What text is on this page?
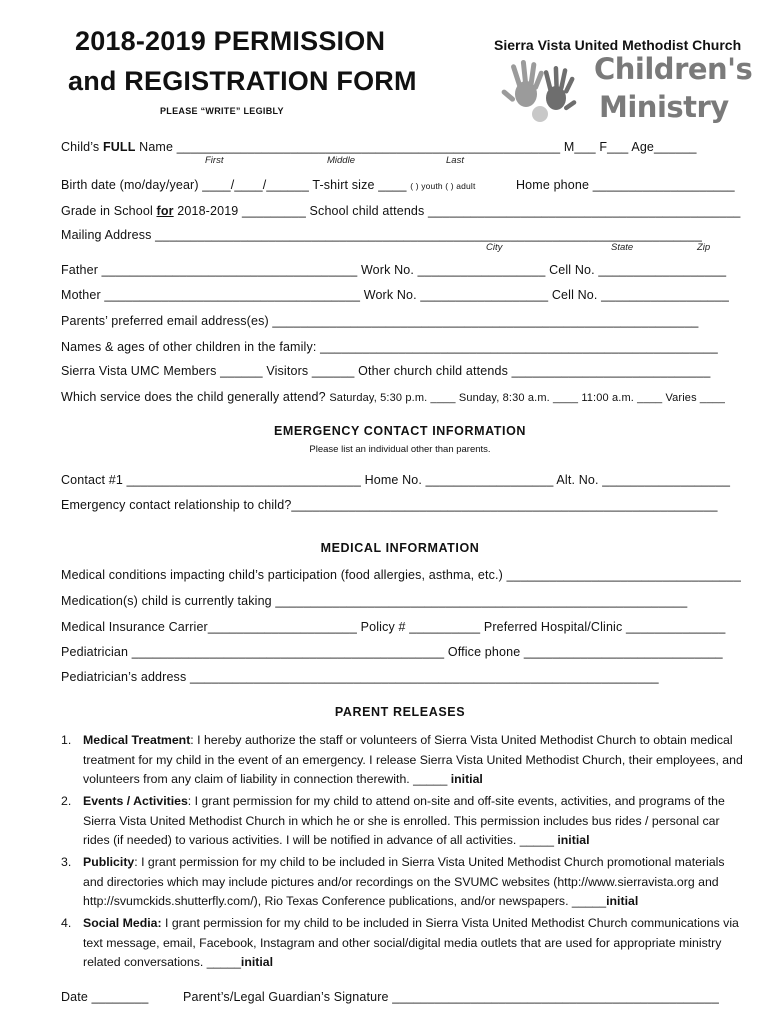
2018-2019 PERMISSION
and REGISTRATION FORM
PLEASE “WRITE” LEGIBLY
Sierra Vista United Methodist Church
Children's
Ministry
Child’s FULL Name ______________________________________________________ M___ F___ Age______
First	Middle	Last
Birth date (mo/day/year) ____/____/______ T-shirt size ____ ( ) youth ( ) adult	Home phone ____________________
Grade in School for 2018-2019 _________ School child attends ____________________________________________
Mailing Address _____________________________________________________________________________
City	State	Zip
Father ____________________________________ Work No. __________________ Cell No. __________________
Mother ____________________________________ Work No. __________________ Cell No. __________________
Parents’ preferred email address(es) ____________________________________________________________
Names & ages of other children in the family: ________________________________________________________
Sierra Vista UMC Members ______ Visitors ______ Other church child attends ____________________________
Which service does the child generally attend? Saturday, 5:30 p.m. ____ Sunday, 8:30 a.m. ____ 11:00 a.m. ____ Varies ____
EMERGENCY CONTACT INFORMATION
Please list an individual other than parents.
Contact #1 _________________________________ Home No. __________________ Alt. No. __________________
Emergency contact relationship to child?____________________________________________________________
MEDICAL INFORMATION
Medical conditions impacting child’s participation (food allergies, asthma, etc.) _________________________________
Medication(s) child is currently taking __________________________________________________________
Medical Insurance Carrier_____________________ Policy # __________ Preferred Hospital/Clinic ______________
Pediatrician ____________________________________________ Office phone ____________________________
Pediatrician’s address __________________________________________________________________
PARENT RELEASES
1. Medical Treatment: I hereby authorize the staff or volunteers of Sierra Vista United Methodist Church to obtain medical treatment for my child in the event of an emergency. I release Sierra Vista United Methodist Church, their employees, and volunteers from any claim of liability in connection therewith. _____ initial
2. Events / Activities: I grant permission for my child to attend on-site and off-site events, activities, and programs of the Sierra Vista United Methodist Church in which he or she is enrolled. This permission includes bus rides / personal car rides (if needed) to various activities. I will be notified in advance of all activities. _____ initial
3. Publicity: I grant permission for my child to be included in Sierra Vista United Methodist Church promotional materials and directories which may include pictures and/or recordings on the SVUMC websites (http://www.sierravista.org and http://svumckids.shutterfly.com/), Rio Texas Conference publications, and/or newspapers. _____initial
4. Social Media: I grant permission for my child to be included in Sierra Vista United Methodist Church communications via text message, email, Facebook, Instagram and other social/digital media outlets that are used for appropriate ministry related conversations. _____initial
Date ________	Parent’s/Legal Guardian’s Signature ______________________________________________
